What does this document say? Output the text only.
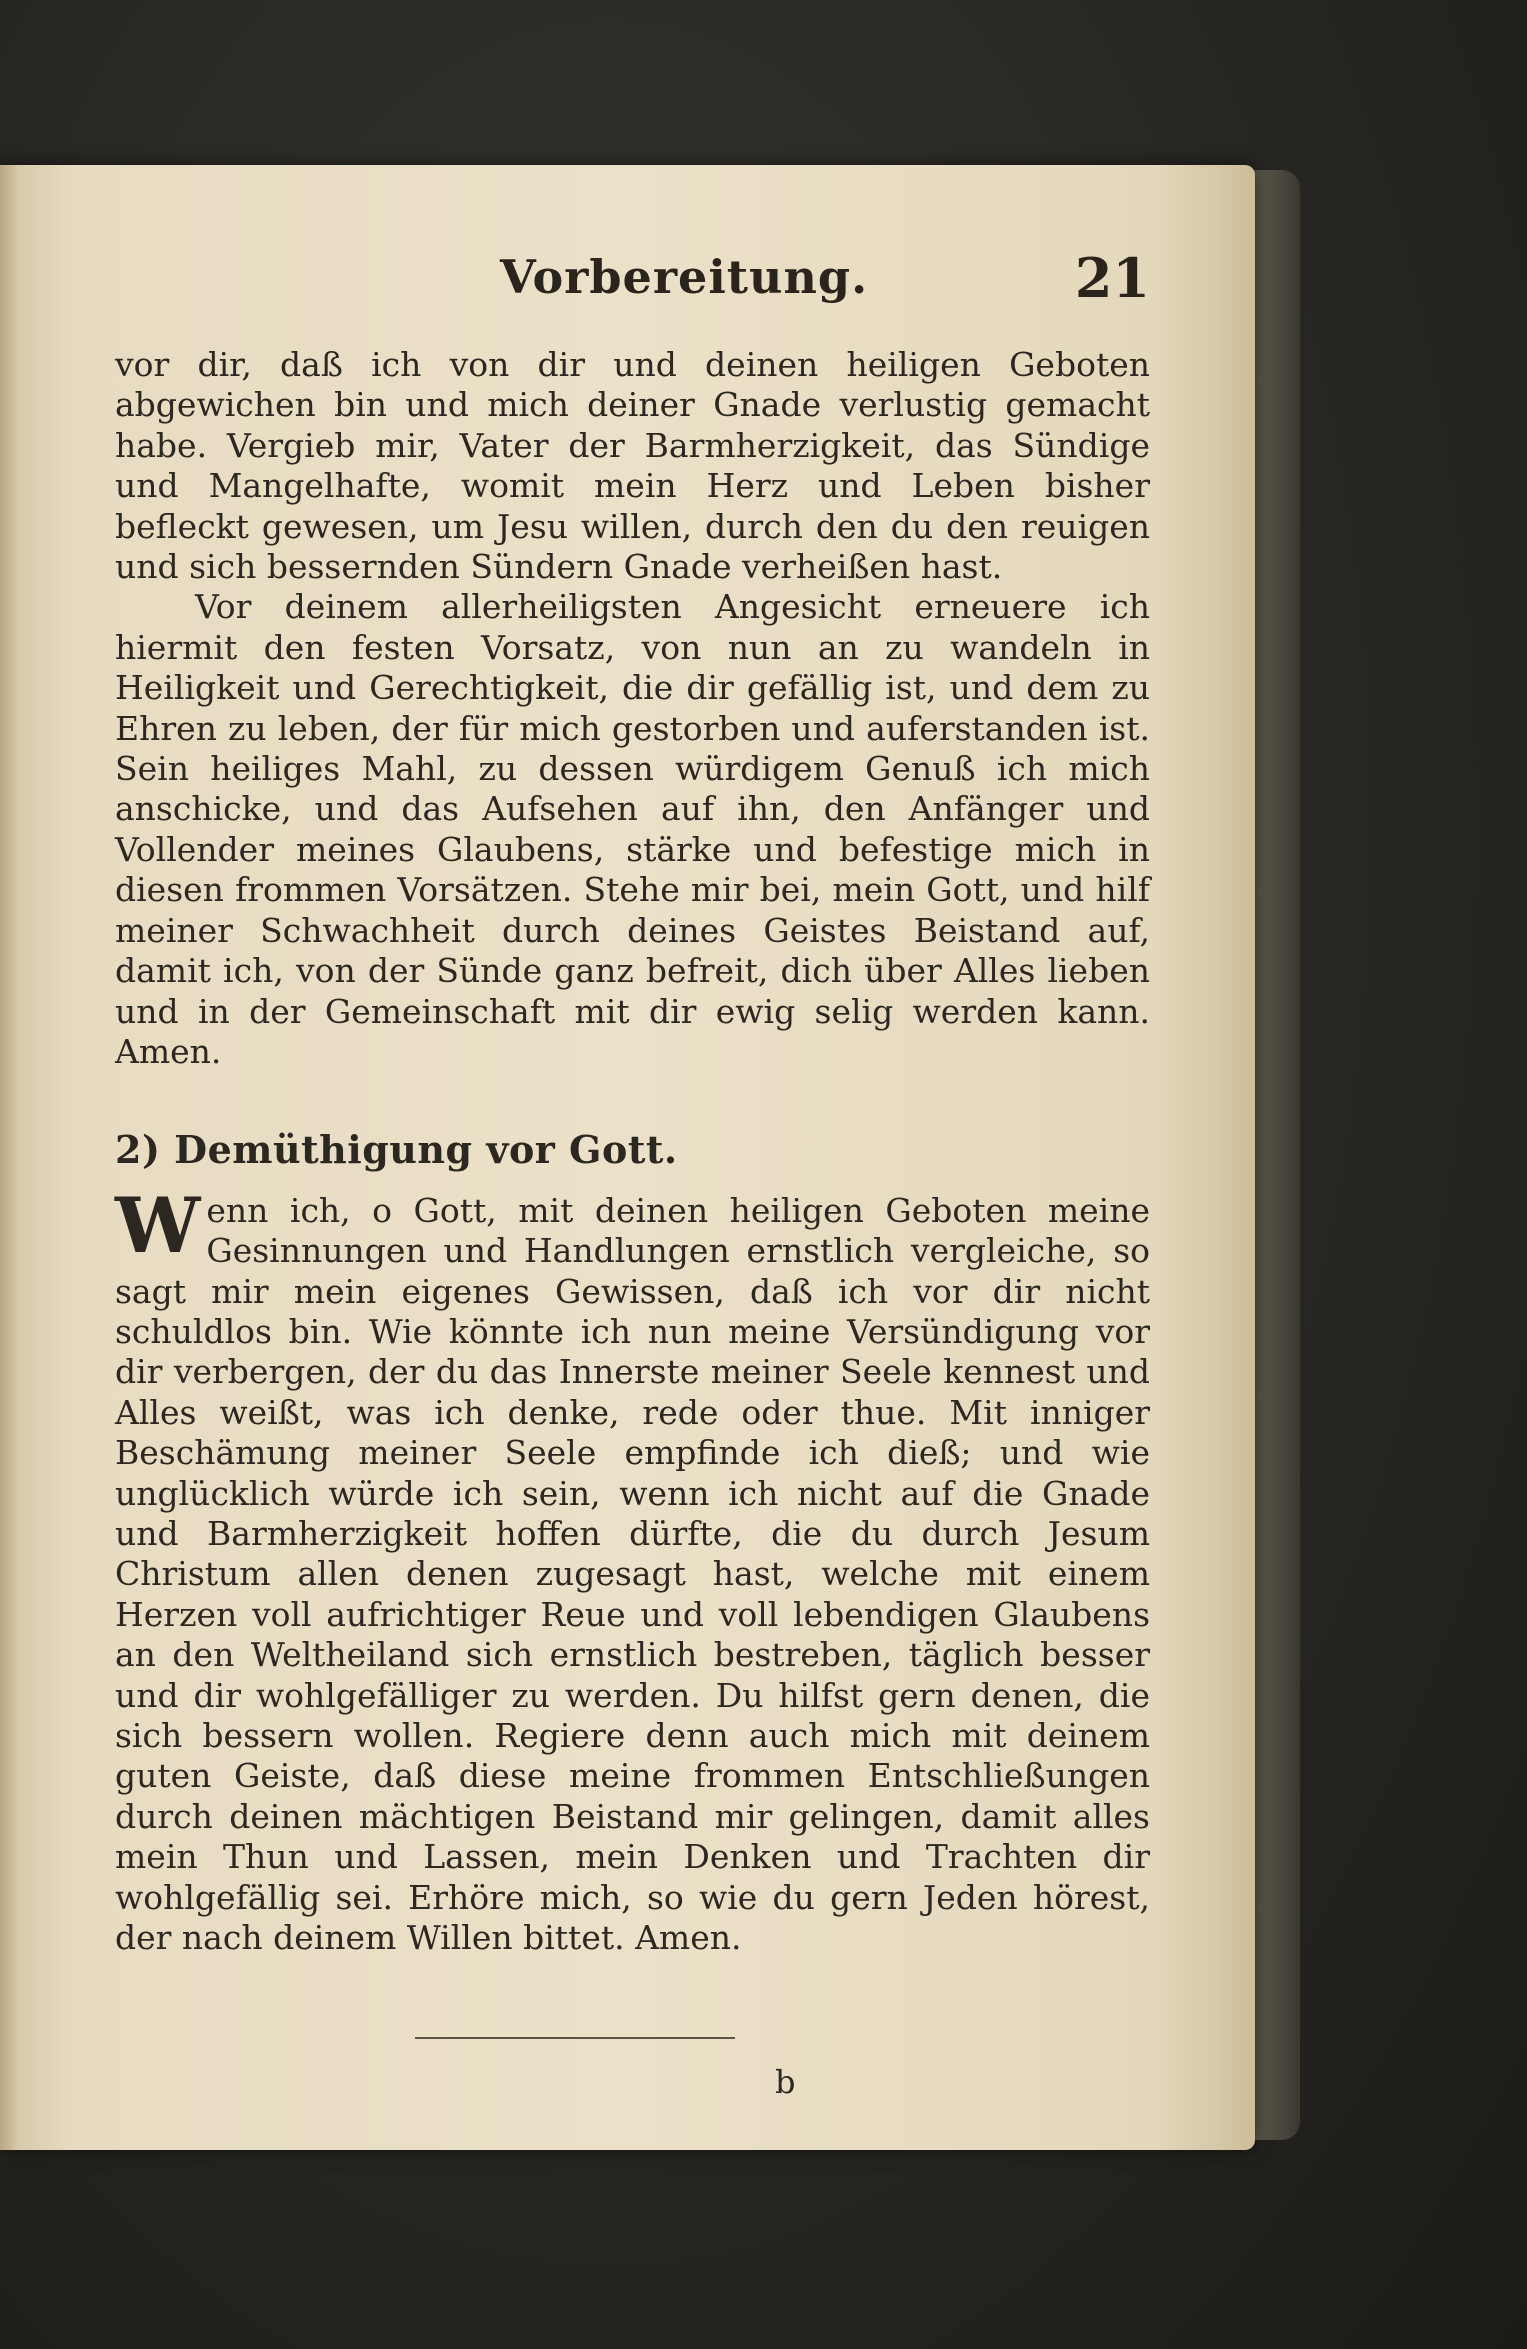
Vorbereitung.	21

vor dir, daß ich von dir und deinen heiligen Geboten abgewichen bin und mich deiner Gnade verlustig gemacht habe. Vergieb mir, Vater der Barmherzigkeit, das Sündige und Mangelhafte, womit mein Herz und Leben bisher befleckt gewesen, um Jesu willen, durch den du den reuigen und sich bessernden Sündern Gnade verheißen hast.

Vor deinem allerheiligsten Angesicht erneuere ich hiermit den festen Vorsatz, von nun an zu wandeln in Heiligkeit und Gerechtigkeit, die dir gefällig ist, und dem zu Ehren zu leben, der für mich gestorben und auferstanden ist. Sein heiliges Mahl, zu dessen würdigem Genuß ich mich anschicke, und das Aufsehen auf ihn, den Anfänger und Vollender meines Glaubens, stärke und befestige mich in diesen frommen Vorsätzen. Stehe mir bei, mein Gott, und hilf meiner Schwachheit durch deines Geistes Beistand auf, damit ich, von der Sünde ganz befreit, dich über Alles lieben und in der Gemeinschaft mit dir ewig selig werden kann. Amen.

2) Demüthigung vor Gott.

Wenn ich, o Gott, mit deinen heiligen Geboten meine Gesinnungen und Handlungen ernstlich vergleiche, so sagt mir mein eigenes Gewissen, daß ich vor dir nicht schuldlos bin. Wie könnte ich nun meine Versündigung vor dir verbergen, der du das Innerste meiner Seele kennest und Alles weißt, was ich denke, rede oder thue. Mit inniger Beschämung meiner Seele empfinde ich dieß; und wie unglücklich würde ich sein, wenn ich nicht auf die Gnade und Barmherzigkeit hoffen dürfte, die du durch Jesum Christum allen denen zugesagt hast, welche mit einem Herzen voll aufrichtiger Reue und voll lebendigen Glaubens an den Weltheiland sich ernstlich bestreben, täglich besser und dir wohlgefälliger zu werden. Du hilfst gern denen, die sich bessern wollen. Regiere denn auch mich mit deinem guten Geiste, daß diese meine frommen Entschließungen durch deinen mächtigen Beistand mir gelingen, damit alles mein Thun und Lassen, mein Denken und Trachten dir wohlgefällig sei. Erhöre mich, so wie du gern Jeden hörest, der nach deinem Willen bittet. Amen.

b
